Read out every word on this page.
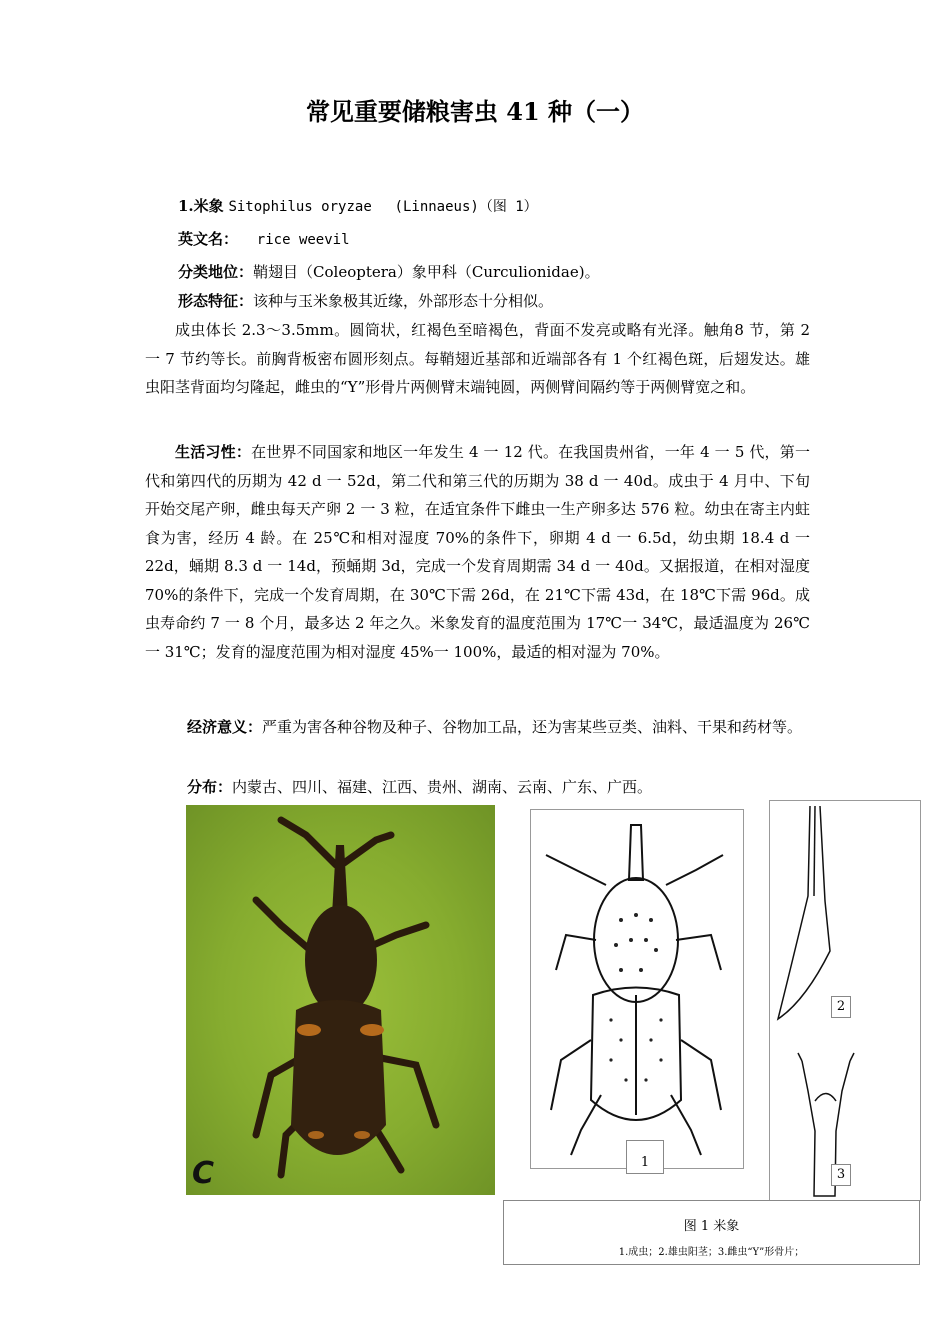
常见重要储粮害虫 41 种（一）
1.米象 Sitophilus oryzae (Linnaeus)（图 1）
英文名： rice weevil
分类地位：鞘翅目（Coleoptera）象甲科（Curculionidae)。
形态特征：该种与玉米象极其近缘，外部形态十分相似。

成虫体长 2.3～3.5mm。圆筒状，红褐色至暗褐色，背面不发亮或略有光泽。触角8 节，第 2 一 7 节约等长。前胸背板密布圆形刻点。每鞘翅近基部和近端部各有 1 个红褐色斑，后翅发达。雄虫阳茎背面均匀隆起，雌虫的“Y”形骨片两侧臂末端钝圆，两侧臂间隔约等于两侧臂宽之和。

生活习性：在世界不同国家和地区一年发生 4 一 12 代。在我国贵州省，一年 4 一 5 代，第一代和第四代的历期为 42 d 一 52d，第二代和第三代的历期为 38 d 一 40d。成虫于 4 月中、下旬开始交尾产卵，雌虫每天产卵 2 一 3 粒，在适宜条件下雌虫一生产卵多达 576 粒。幼虫在寄主内蛀食为害，经历 4 龄。在 25℃和相对湿度 70%的条件下，卵期 4 d 一 6.5d，幼虫期 18.4 d 一 22d，蛹期 8.3 d 一 14d，预蛹期 3d，完成一个发育周期需 34 d 一 40d。又据报道，在相对湿度 70%的条件下，完成一个发育周期，在 30℃下需 26d，在 21℃下需 43d，在 18℃下需 96d。成虫寿命约 7 一 8 个月，最多达 2 年之久。米象发育的温度范围为 17℃一 34℃，最适温度为 26℃一 31℃；发育的湿度范围为相对湿度 45%一 100%，最适的相对湿为 70%。

经济意义：严重为害各种谷物及种子、谷物加工品，还为害某些豆类、油料、干果和药材等。

分布：内蒙古、四川、福建、江西、贵州、湖南、云南、广东、广西。
C	1
2
3
图 1 米象
1.成虫；2.雄虫阳茎；3.雌虫“Y”形骨片；
